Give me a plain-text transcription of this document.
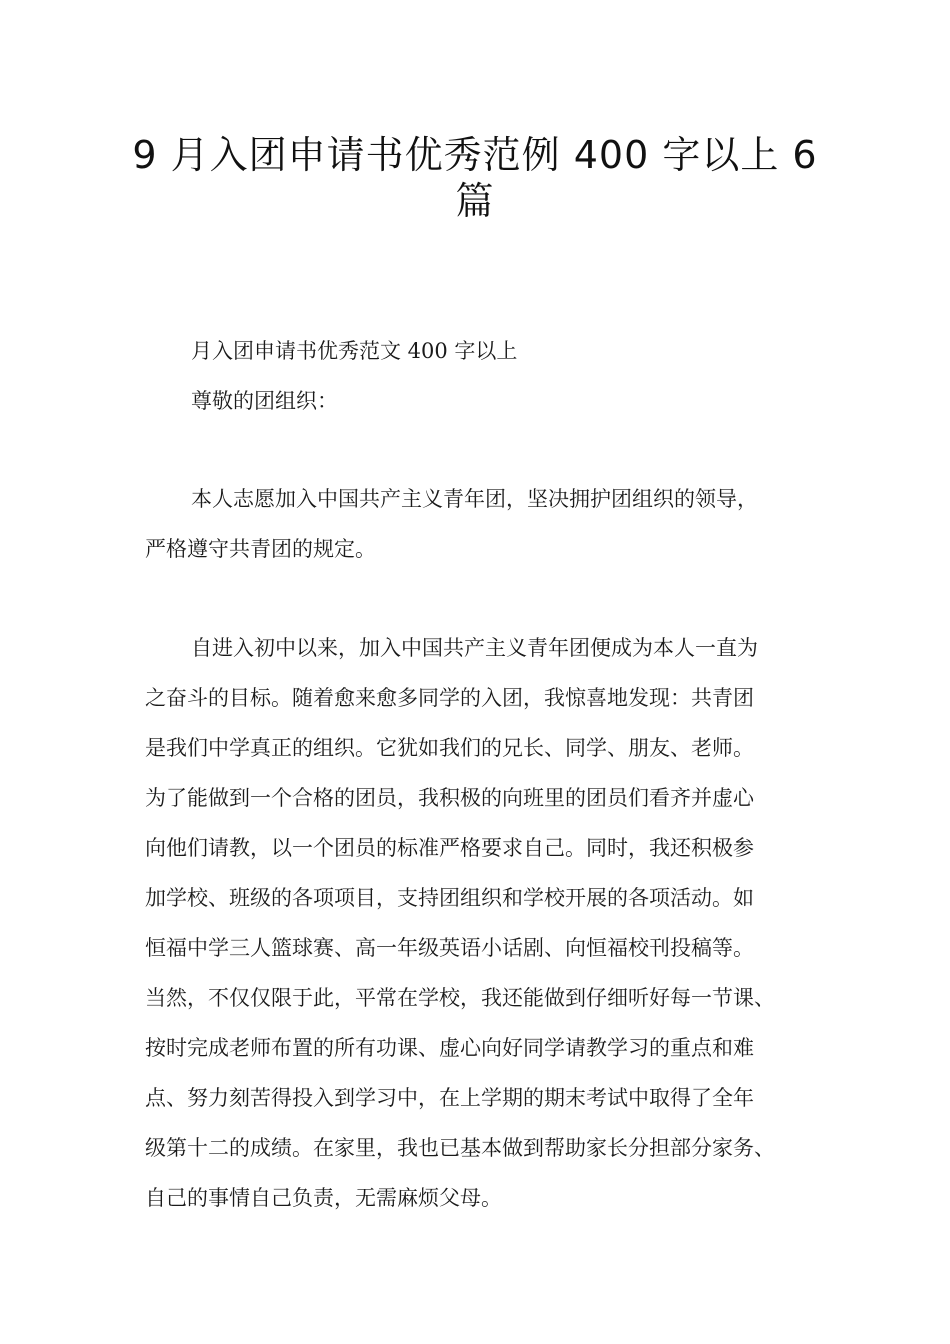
9 月入团申请书优秀范例 400 字以上 6
篇
月入团申请书优秀范文 400 字以上
尊敬的团组织：
本人志愿加入中国共产主义青年团，坚决拥护团组织的领导，
严格遵守共青团的规定。
自进入初中以来，加入中国共产主义青年团便成为本人一直为
之奋斗的目标。随着愈来愈多同学的入团，我惊喜地发现：共青团
是我们中学真正的组织。它犹如我们的兄长、同学、朋友、老师。
为了能做到一个合格的团员，我积极的向班里的团员们看齐并虚心
向他们请教，以一个团员的标准严格要求自己。同时，我还积极参
加学校、班级的各项项目，支持团组织和学校开展的各项活动。如
恒福中学三人篮球赛、高一年级英语小话剧、向恒福校刊投稿等。
当然，不仅仅限于此，平常在学校，我还能做到仔细听好每一节课、
按时完成老师布置的所有功课、虚心向好同学请教学习的重点和难
点、努力刻苦得投入到学习中，在上学期的期末考试中取得了全年
级第十二的成绩。在家里，我也已基本做到帮助家长分担部分家务、
自己的事情自己负责，无需麻烦父母。
